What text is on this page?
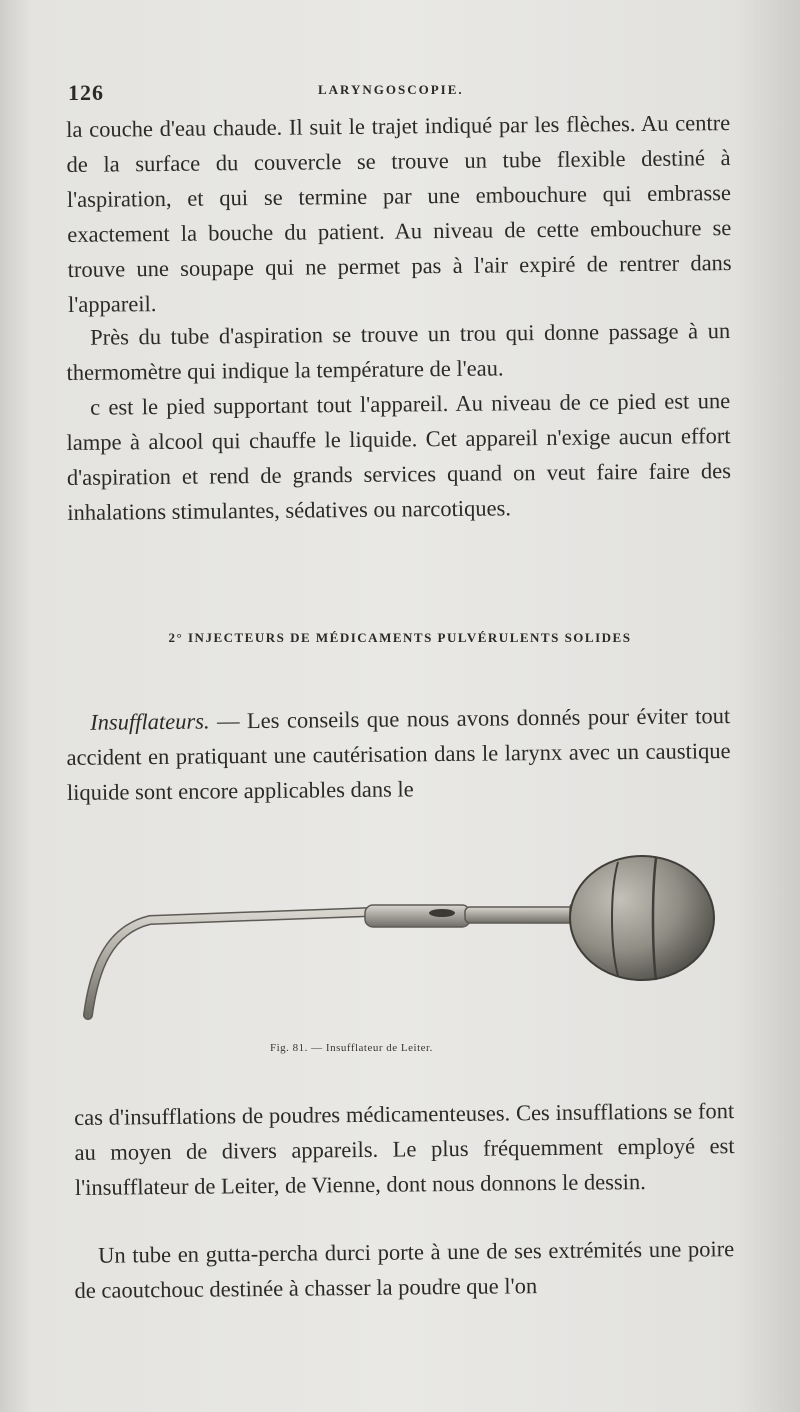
126	LARYNGOSCOPIE.

la couche d'eau chaude. Il suit le trajet indiqué par les flèches. Au centre de la surface du couvercle se trouve un tube flexible destiné à l'aspiration, et qui se termine par une embouchure qui embrasse exactement la bouche du patient. Au niveau de cette embouchure se trouve une soupape qui ne permet pas à l'air expiré de rentrer dans l'appareil.

Près du tube d'aspiration se trouve un trou qui donne passage à un thermomètre qui indique la température de l'eau.

c est le pied supportant tout l'appareil. Au niveau de ce pied est une lampe à alcool qui chauffe le liquide. Cet appareil n'exige aucun effort d'aspiration et rend de grands services quand on veut faire faire des inhalations stimulantes, sédatives ou narcotiques.

2° INJECTEURS DE MÉDICAMENTS PULVÉRULENTS SOLIDES

Insufflateurs. — Les conseils que nous avons donnés pour éviter tout accident en pratiquant une cautérisation dans le larynx avec un caustique liquide sont encore applicables dans le

Fig. 81. — Insufflateur de Leiter.

cas d'insufflations de poudres médicamenteuses. Ces insufflations se font au moyen de divers appareils. Le plus fréquemment employé est l'insufflateur de Leiter, de Vienne, dont nous donnons le dessin.

Un tube en gutta-percha durci porte à une de ses extrémités une poire de caoutchouc destinée à chasser la poudre que l'on
